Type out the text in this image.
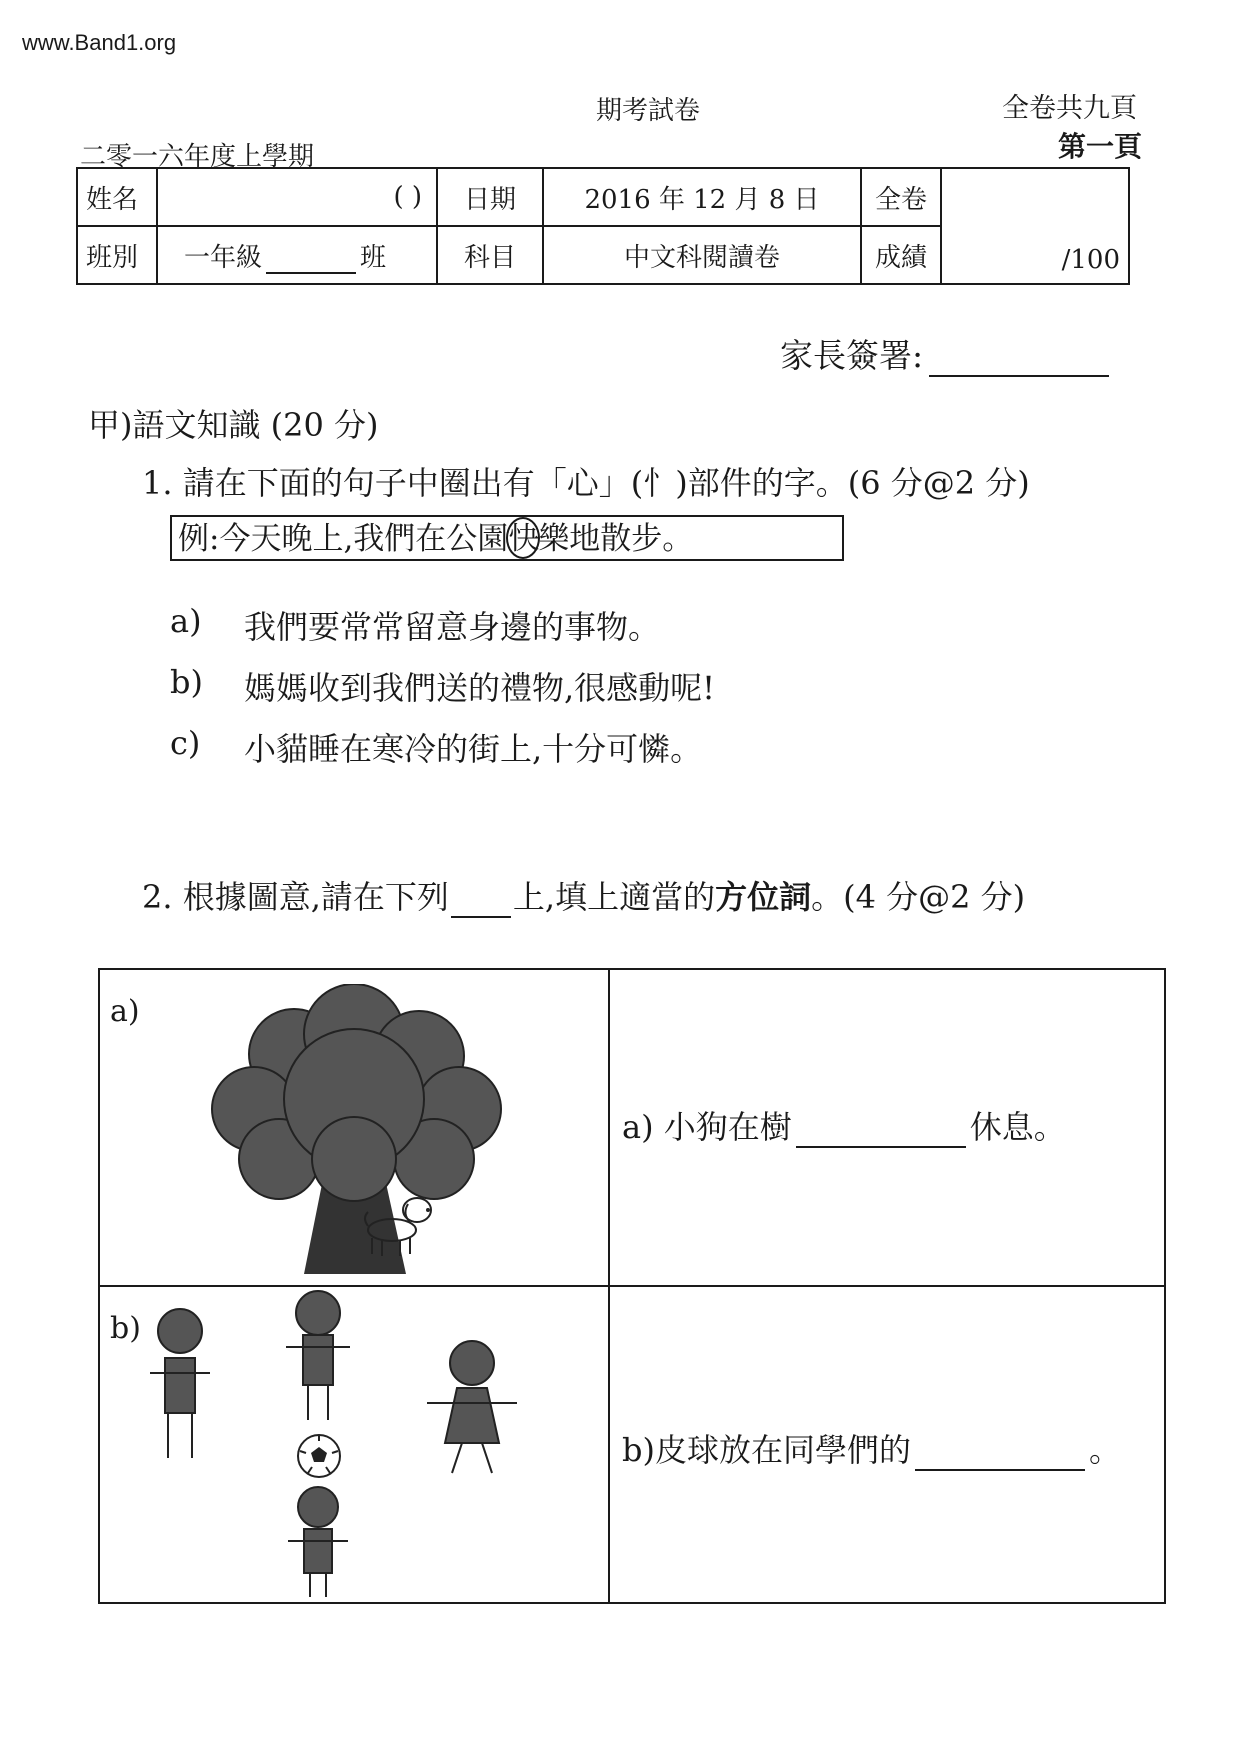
www.Band1.org
期考試卷	全卷共九頁
第一頁
二零一六年度上學期
姓名	( )	日期	2016 年 12 月 8 日	全卷	/100
班別	一年級 班	科目	中文科閱讀卷	成績	
家長簽署:
甲)語文知識 (20 分)
1. 請在下面的句子中圈出有「心」(忄)部件的字。(6 分@2 分)
例:今天晚上,我們在公園快樂地散步。
a)	我們要常常留意身邊的事物。
b)	媽媽收到我們送的禮物,很感動呢!
c)	小貓睡在寒冷的街上,十分可憐。
2. 根據圖意,請在下列 上,填上適當的方位詞。(4 分@2 分)
a)	a) 小狗在樹 休息。

b)	b)皮球放在同學們的 。
